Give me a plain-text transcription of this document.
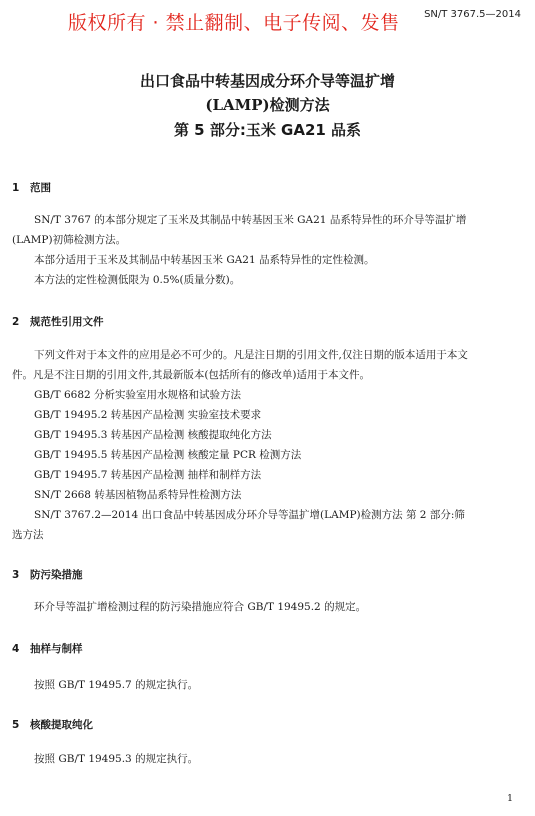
版权所有 · 禁止翻制、电子传阅、发售 SN/T 3767.5—2014
出口食品中转基因成分环介导等温扩增
(LAMP)检测方法
第 5 部分:玉米 GA21 品系
1 范围
SN/T 3767 的本部分规定了玉米及其制品中转基因玉米 GA21 品系特异性的环介导等温扩增
(LAMP)初筛检测方法。
本部分适用于玉米及其制品中转基因玉米 GA21 品系特异性的定性检测。
本方法的定性检测低限为 0.5%(质量分数)。
2 规范性引用文件
下列文件对于本文件的应用是必不可少的。凡是注日期的引用文件,仅注日期的版本适用于本文
件。凡是不注日期的引用文件,其最新版本(包括所有的修改单)适用于本文件。
GB/T 6682 分析实验室用水规格和试验方法
GB/T 19495.2 转基因产品检测 实验室技术要求
GB/T 19495.3 转基因产品检测 核酸提取纯化方法
GB/T 19495.5 转基因产品检测 核酸定量 PCR 检测方法
GB/T 19495.7 转基因产品检测 抽样和制样方法
SN/T 2668 转基因植物品系特异性检测方法
SN/T 3767.2—2014 出口食品中转基因成分环介导等温扩增(LAMP)检测方法 第 2 部分:筛
选方法
3 防污染措施
环介导等温扩增检测过程的防污染措施应符合 GB/T 19495.2 的规定。
4 抽样与制样
按照 GB/T 19495.7 的规定执行。
5 核酸提取纯化
按照 GB/T 19495.3 的规定执行。
1
